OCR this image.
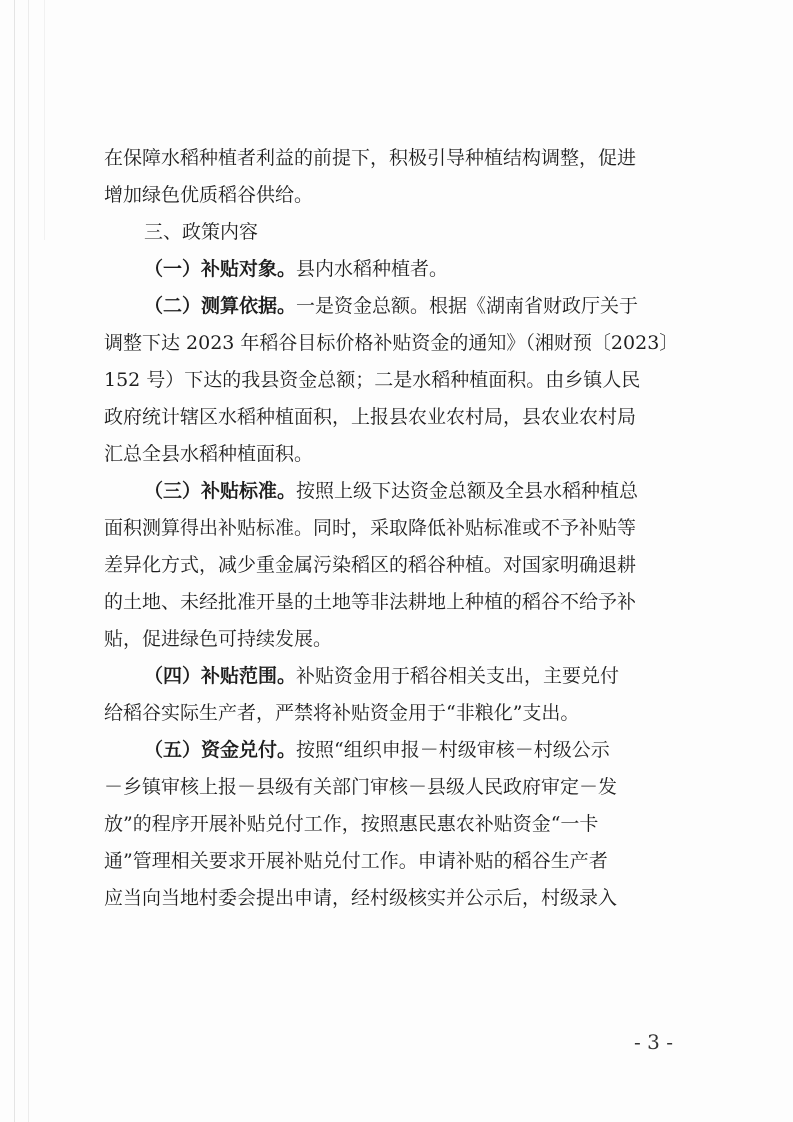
在保障水稻种植者利益的前提下，积极引导种植结构调整，促进

增加绿色优质稻谷供给。

三、政策内容

（一）补贴对象。县内水稻种植者。

（二）测算依据。一是资金总额。根据《湖南省财政厅关于

调整下达 2023 年稻谷目标价格补贴资金的通知》（湘财预〔2023〕

152 号）下达的我县资金总额；二是水稻种植面积。由乡镇人民

政府统计辖区水稻种植面积，上报县农业农村局，县农业农村局

汇总全县水稻种植面积。

（三）补贴标准。按照上级下达资金总额及全县水稻种植总

面积测算得出补贴标准。同时，采取降低补贴标准或不予补贴等

差异化方式，减少重金属污染稻区的稻谷种植。对国家明确退耕

的土地、未经批准开垦的土地等非法耕地上种植的稻谷不给予补

贴，促进绿色可持续发展。

（四）补贴范围。补贴资金用于稻谷相关支出，主要兑付

给稻谷实际生产者，严禁将补贴资金用于“非粮化”支出。

（五）资金兑付。按照“组织申报－村级审核－村级公示

－乡镇审核上报－县级有关部门审核－县级人民政府审定－发

放”的程序开展补贴兑付工作，按照惠民惠农补贴资金“一卡

通”管理相关要求开展补贴兑付工作。申请补贴的稻谷生产者

应当向当地村委会提出申请，经村级核实并公示后，村级录入

- 3 -
